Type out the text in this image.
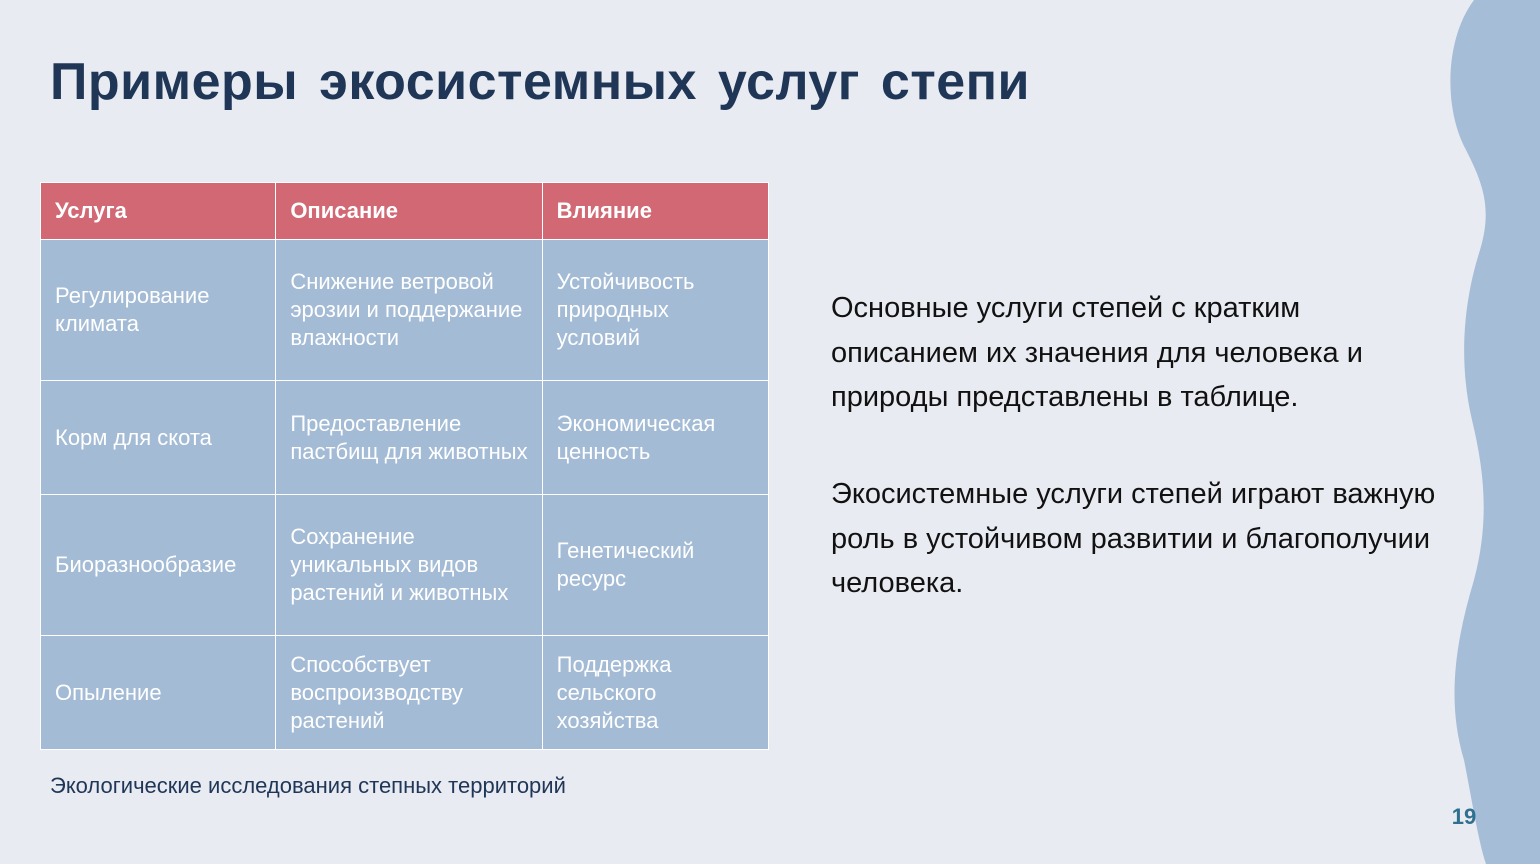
Примеры экосистемных услуг степи
Услуга	Описание	Влияние
Регулирование климата	Снижение ветровой эрозии и поддержание влажности	Устойчивость природных условий
Корм для скота	Предоставление пастбищ для животных	Экономическая ценность
Биоразнообразие	Сохранение уникальных видов растений и животных	Генетический ресурс
Опыление	Способствует воспроизводству растений	Поддержка сельского хозяйства

Основные услуги степей с кратким описанием их значения для человека и природы представлены в таблице.

Экосистемные услуги степей играют важную роль в устойчивом развитии и благополучии человека.

Экологические исследования степных территорий

19
